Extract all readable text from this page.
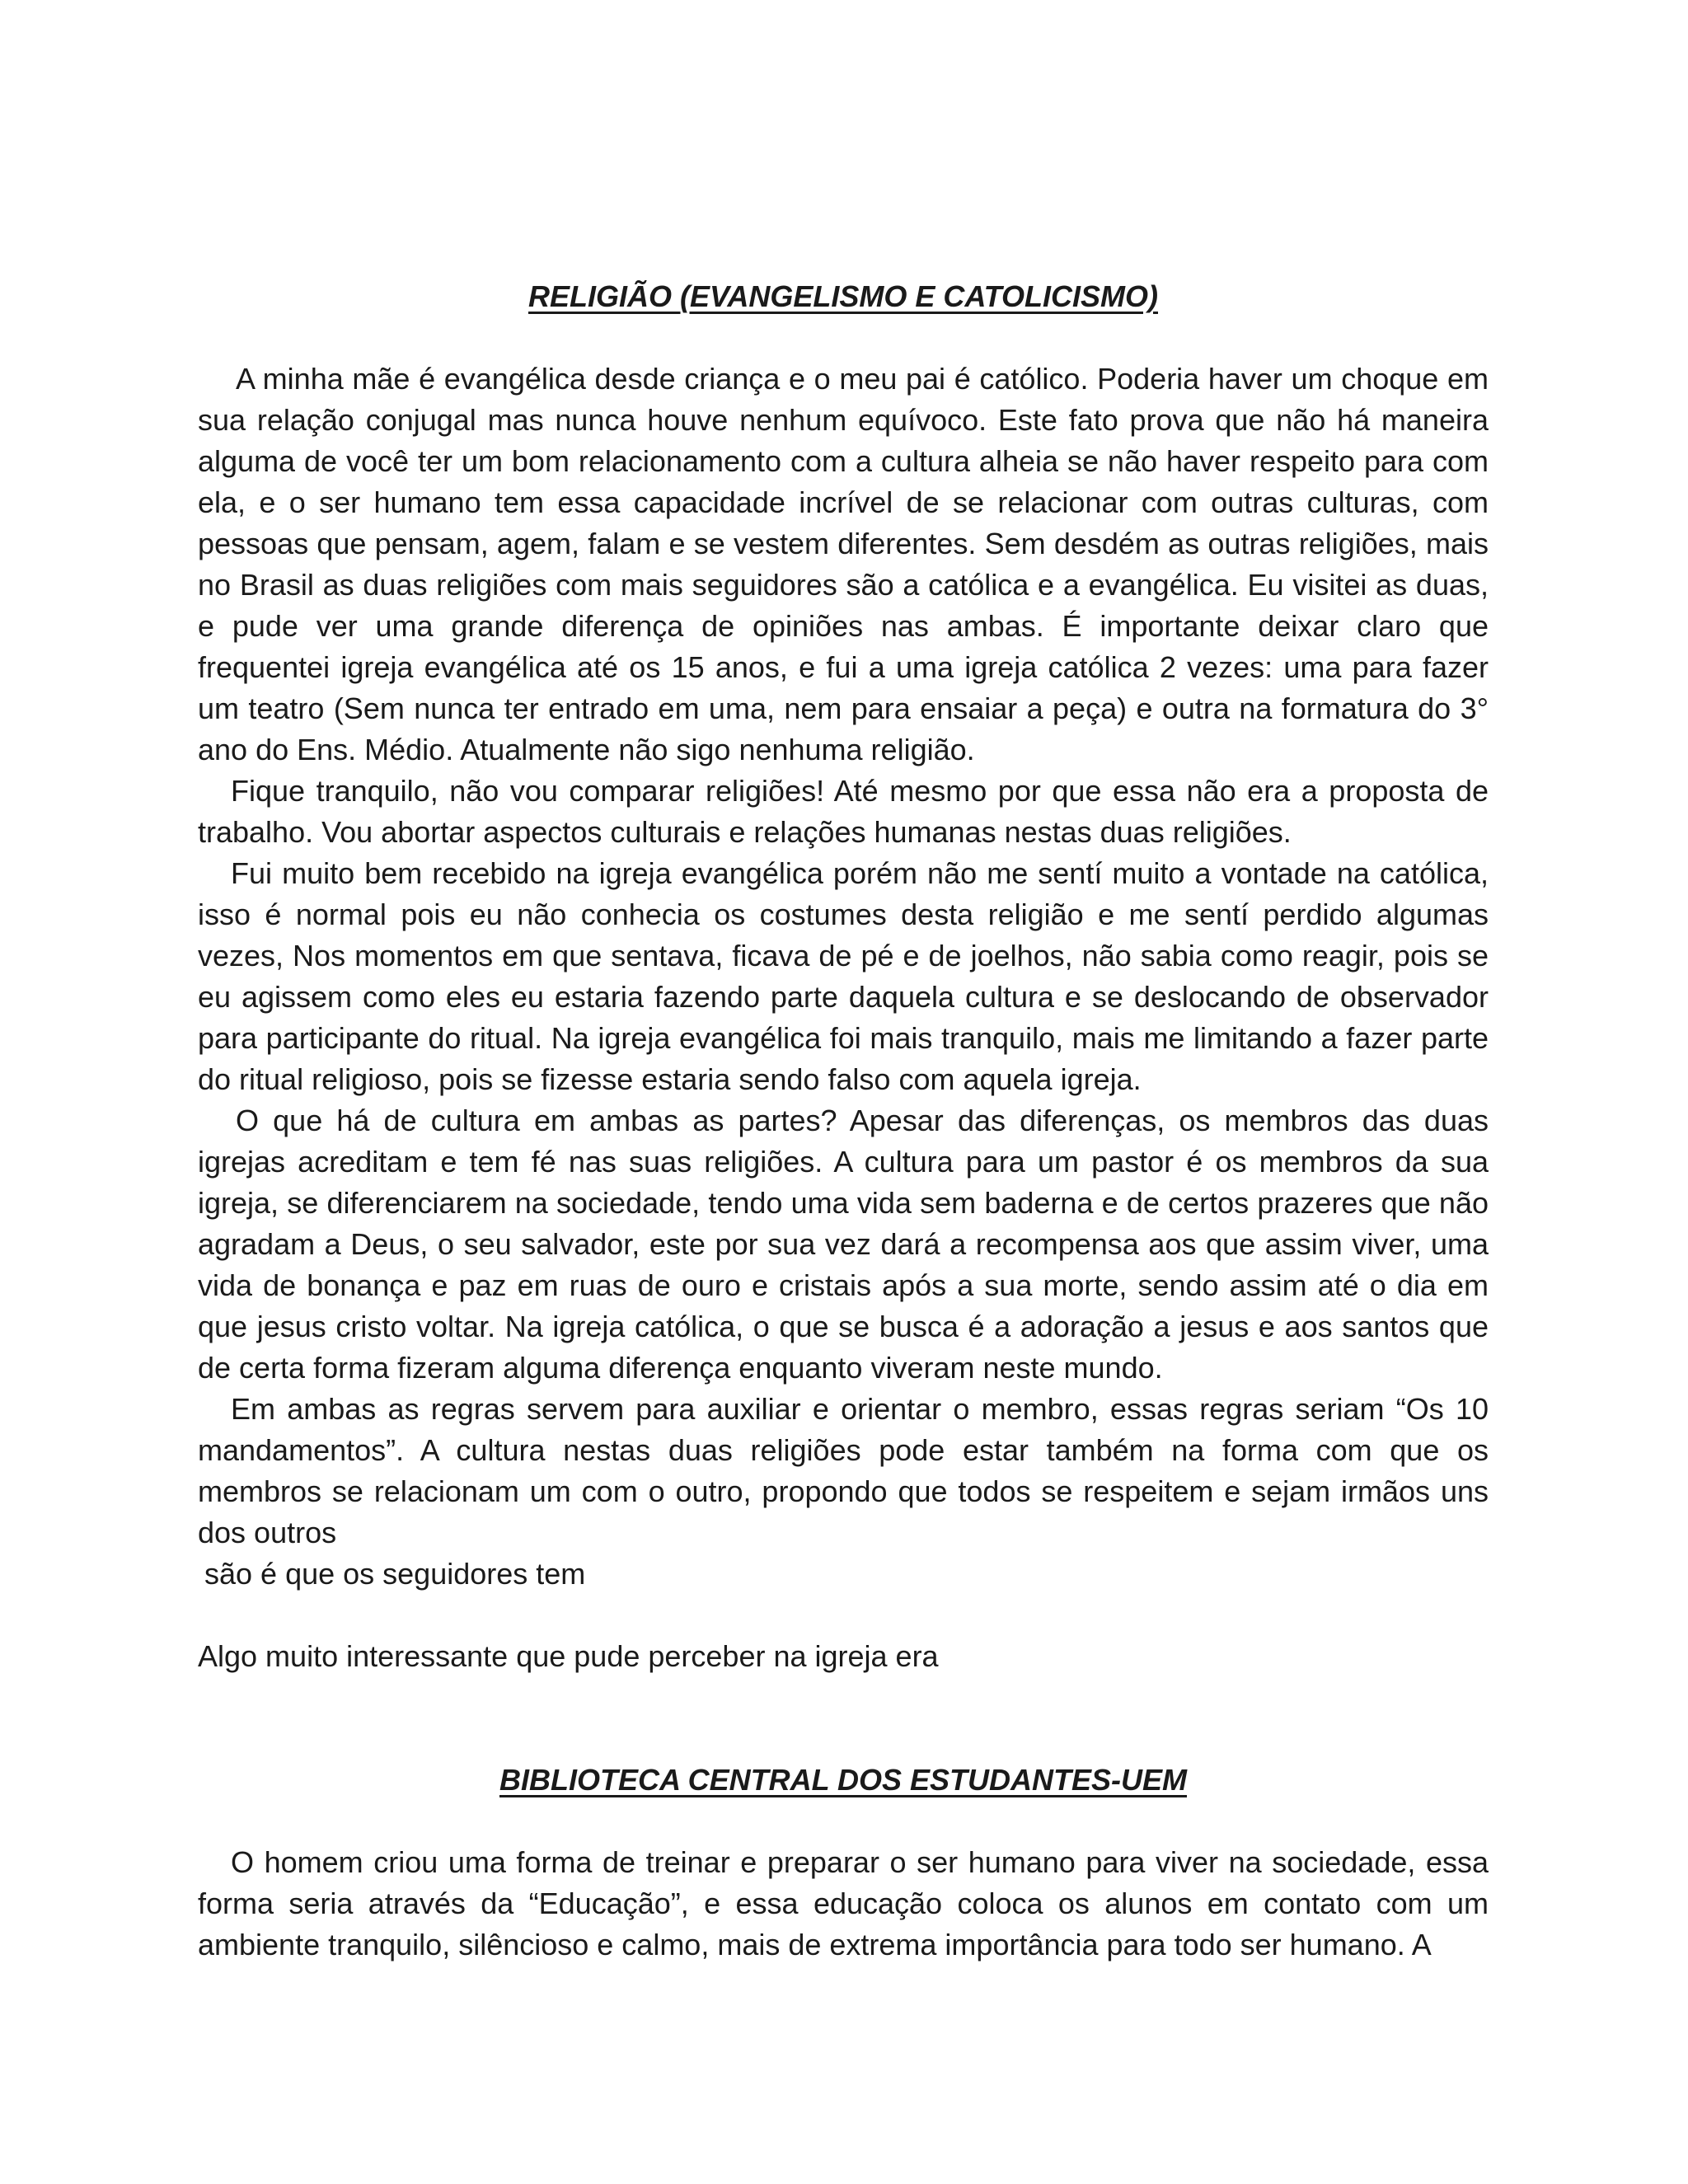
RELIGIÃO (EVANGELISMO E CATOLICISMO)

A minha mãe é evangélica desde criança e o meu pai é católico. Poderia haver um choque em sua relação conjugal mas nunca houve nenhum equívoco. Este fato prova que não há maneira alguma de você ter um bom relacionamento com a cultura alheia se não haver respeito para com ela, e o ser humano tem essa capacidade incrível de se relacionar com outras culturas, com pessoas que pensam, agem, falam e se vestem diferentes. Sem desdém as outras religiões, mais no Brasil as duas religiões com mais seguidores são a católica e a evangélica. Eu visitei as duas, e pude ver uma grande diferença de opiniões nas ambas. É importante deixar claro que frequentei igreja evangélica até os 15 anos, e fui a uma igreja católica 2 vezes: uma para fazer um teatro (Sem nunca ter entrado em uma, nem para ensaiar a peça) e outra na formatura do 3° ano do Ens. Médio. Atualmente não sigo nenhuma religião.

Fique tranquilo, não vou comparar religiões! Até mesmo por que essa não era a proposta de trabalho. Vou abortar aspectos culturais e relações humanas nestas duas religiões.

Fui muito bem recebido na igreja evangélica porém não me sentí muito a vontade na católica, isso é normal pois eu não conhecia os costumes desta religião e me sentí perdido algumas vezes, Nos momentos em que sentava, ficava de pé e de joelhos, não sabia como reagir, pois se eu agissem como eles eu estaria fazendo parte daquela cultura e se deslocando de observador para participante do ritual. Na igreja evangélica foi mais tranquilo, mais me limitando a fazer parte do ritual religioso, pois se fizesse estaria sendo falso com aquela igreja.

O que há de cultura em ambas as partes? Apesar das diferenças, os membros das duas igrejas acreditam e tem fé nas suas religiões. A cultura para um pastor é os membros da sua igreja, se diferenciarem na sociedade, tendo uma vida sem baderna e de certos prazeres que não agradam a Deus, o seu salvador, este por sua vez dará a recompensa aos que assim viver, uma vida de bonança e paz em ruas de ouro e cristais após a sua morte, sendo assim até o dia em que jesus cristo voltar. Na igreja católica, o que se busca é a adoração a jesus e aos santos que de certa forma fizeram alguma diferença enquanto viveram neste mundo.

Em ambas as regras servem para auxiliar e orientar o membro, essas regras seriam “Os 10 mandamentos”. A cultura nestas duas religiões pode estar também na forma com que os membros se relacionam um com o outro, propondo que todos se respeitem e sejam irmãos uns dos outros

são é que os seguidores tem

Algo muito interessante que pude perceber na igreja era

BIBLIOTECA CENTRAL DOS ESTUDANTES-UEM

O homem criou uma forma de treinar e preparar o ser humano para viver na sociedade, essa forma seria através da “Educação”, e essa educação coloca os alunos em contato com um ambiente tranquilo, silêncioso e calmo, mais de extrema importância para todo ser humano. A
